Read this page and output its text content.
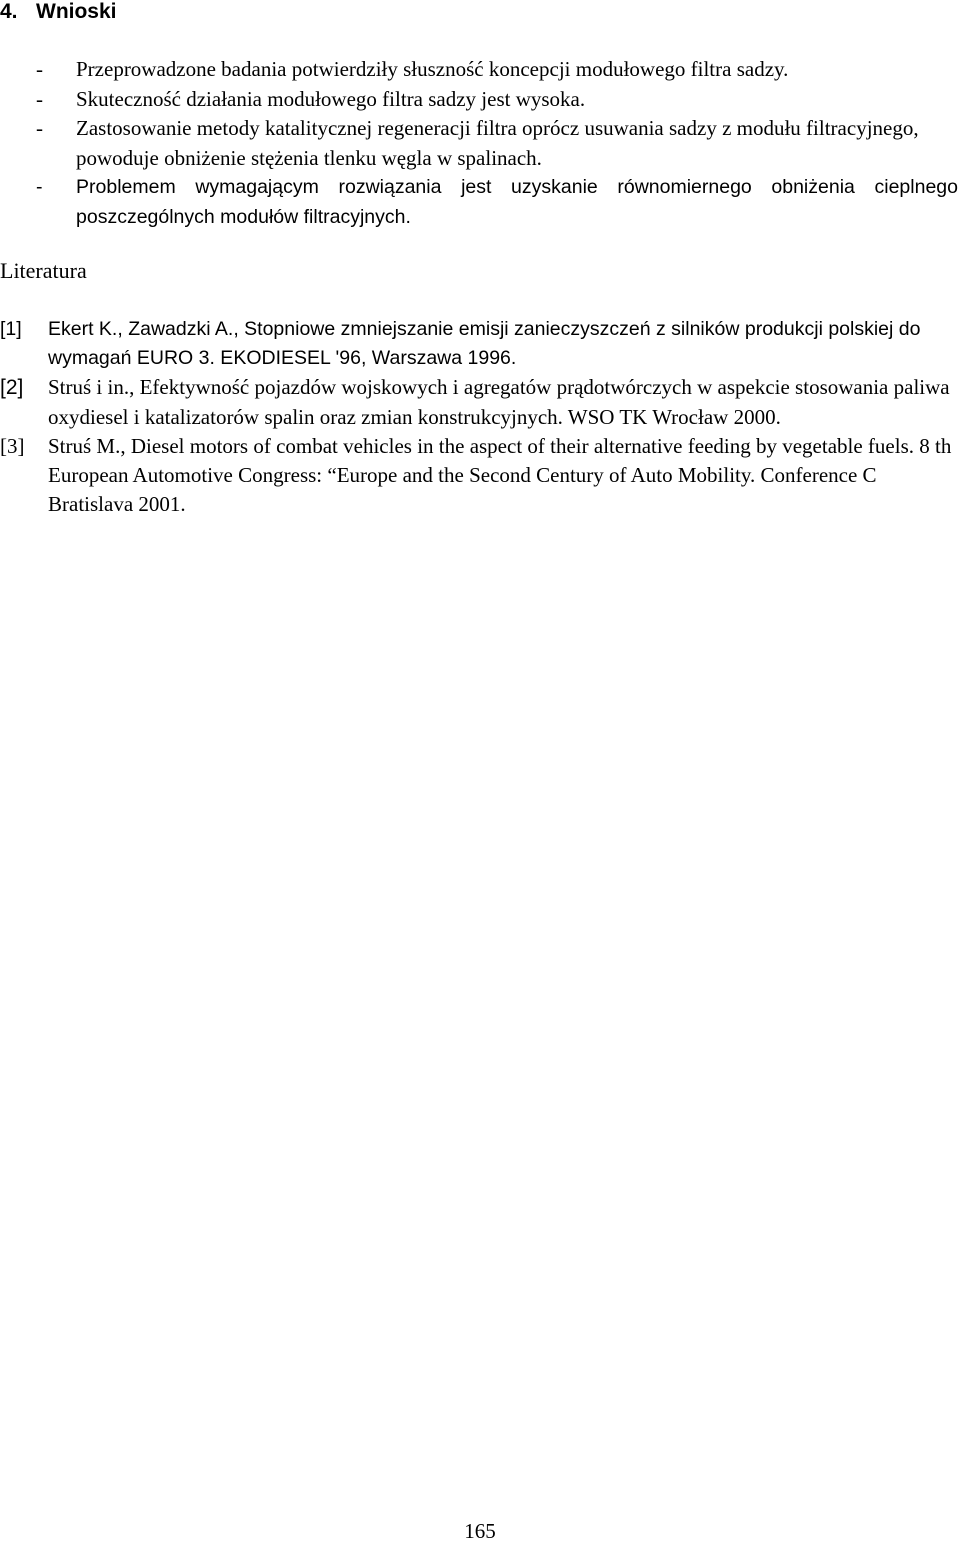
4. Wnioski
- Przeprowadzone badania potwierdziły słuszność koncepcji modułowego filtra sadzy.
- Skuteczność działania modułowego filtra sadzy jest wysoka.
- Zastosowanie metody katalitycznej regeneracji filtra oprócz usuwania sadzy z modułu filtracyjnego, powoduje obniżenie stężenia tlenku węgla w spalinach.
- Problemem wymagającym rozwiązania jest uzyskanie równomiernego obniżenia cieplnego poszczególnych modułów filtracyjnych.
Literatura
[1] Ekert K., Zawadzki A., Stopniowe zmniejszanie emisji zanieczyszczeń z silników produkcji polskiej do wymagań EURO 3. EKODIESEL '96, Warszawa 1996.
[2] Struś i in., Efektywność pojazdów wojskowych i agregatów prądotwórczych w aspekcie stosowania paliwa oxydiesel i katalizatorów spalin oraz zmian konstrukcyjnych. WSO TK Wrocław 2000.
[3] Struś M., Diesel motors of combat vehicles in the aspect of their alternative feeding by vegetable fuels. 8 th European Automotive Congress: “Europe and the Second Century of Auto Mobility. Conference C Bratislava 2001.
165
